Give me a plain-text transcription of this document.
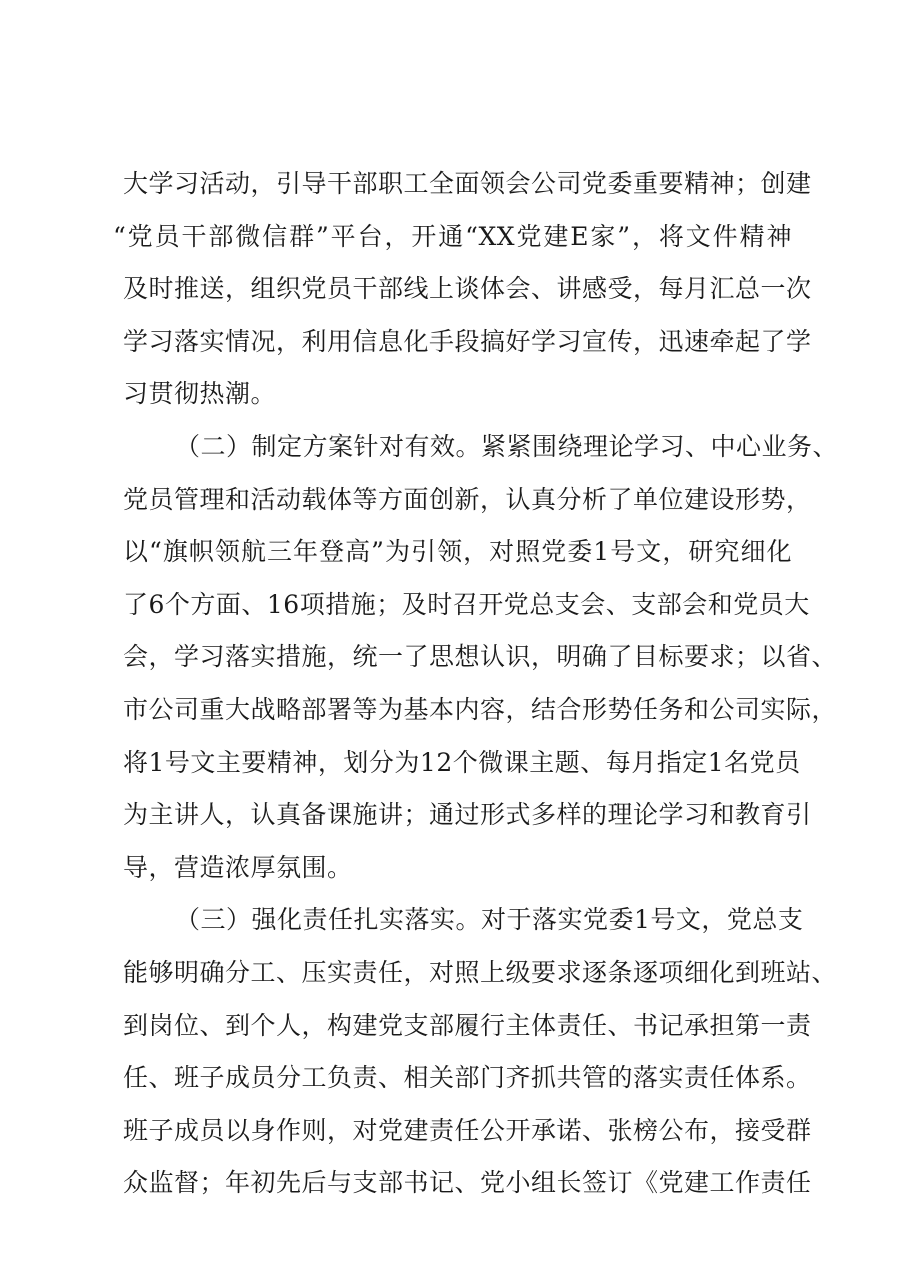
大学习活动，引导干部职工全面领会公司党委重要精神；创建
“党员干部微信群”平台，开通“XX党建E家”，将文件精神
及时推送，组织党员干部线上谈体会、讲感受，每月汇总一次
学习落实情况，利用信息化手段搞好学习宣传，迅速牵起了学
习贯彻热潮。
（二）制定方案针对有效。紧紧围绕理论学习、中心业务、
党员管理和活动载体等方面创新，认真分析了单位建设形势，
以“旗帜领航三年登高”为引领，对照党委1号文，研究细化
了6个方面、16项措施；及时召开党总支会、支部会和党员大
会，学习落实措施，统一了思想认识，明确了目标要求；以省、
市公司重大战略部署等为基本内容，结合形势任务和公司实际，
将1号文主要精神，划分为12个微课主题、每月指定1名党员
为主讲人，认真备课施讲；通过形式多样的理论学习和教育引
导，营造浓厚氛围。
（三）强化责任扎实落实。对于落实党委1号文，党总支
能够明确分工、压实责任，对照上级要求逐条逐项细化到班站、
到岗位、到个人，构建党支部履行主体责任、书记承担第一责
任、班子成员分工负责、相关部门齐抓共管的落实责任体系。
班子成员以身作则，对党建责任公开承诺、张榜公布，接受群
众监督；年初先后与支部书记、党小组长签订《党建工作责任
